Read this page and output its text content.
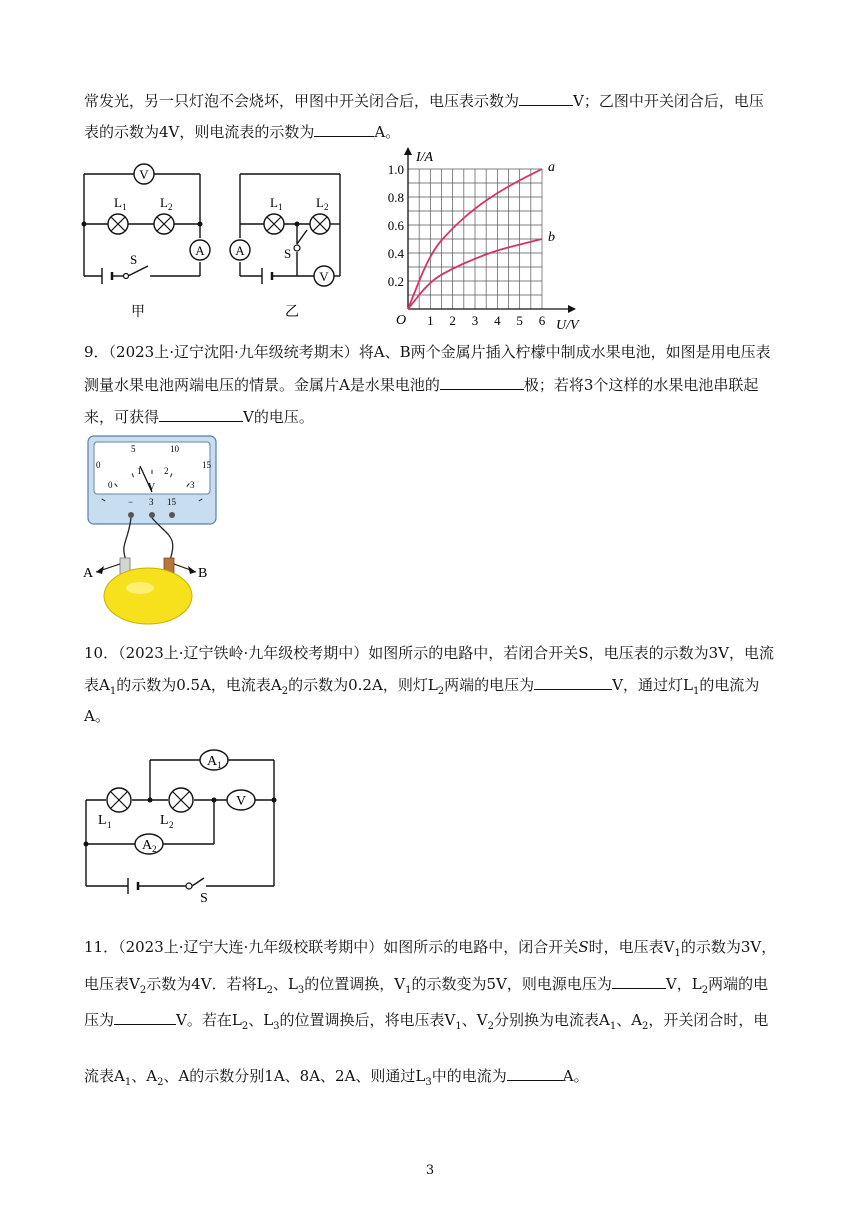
常发光，另一只灯泡不会烧坏，甲图中开关闭合后，电压表示数为	V；乙图中开关闭合后，电压
表的示数为4V，则电流表的示数为	A。
V
L 1	L 2
A
S
甲
L 1	L 2
A
V
S
乙
I/A
U/V
O
0.2
0.4
0.6
0.8
1.0
1 2 3 4 5 6
a
b
9．（2023上·辽宁沈阳·九年级统考期末）将A、B两个金属片插入柠檬中制成水果电池，如图是用电压表
测量水果电池两端电压的情景。金属片A是水果电池的	极；若将3个这样的水果电池串联起
来，可获得	V的电压。
0
5	10
15
0
1	2
3
V
− 3 15
A	B
10．（2023上·辽宁铁岭·九年级校考期中）如图所示的电路中，若闭合开关S，电压表的示数为3V，电流
表$A_1$的示数为0.5A，电流表$A_2$的示数为0.2A，则灯$L_2$两端的电压为	V，通过灯$L_1$的电流为
A。
A 1
L 1	L 2
V
A 2
S
11．（2023上·辽宁大连·九年级校联考期中）如图所示的电路中，闭合开关S时，电压表$V_1$的示数为3V，
电压表$V_2$示数为4V．若将$L_2$、$L_3$的位置调换，$V_1$的示数变为5V，则电源电压为	V，$L_2$两端的电
压为	V。若在$L_2$、$L_3$的位置调换后，将电压表$V_1$、$V_2$分别换为电流表$A_1$、$A_2$，开关闭合时，电
流表$A_1$、$A_2$、A的示数分别1A、8A、2A、则通过$L_3$中的电流为	A。
3
